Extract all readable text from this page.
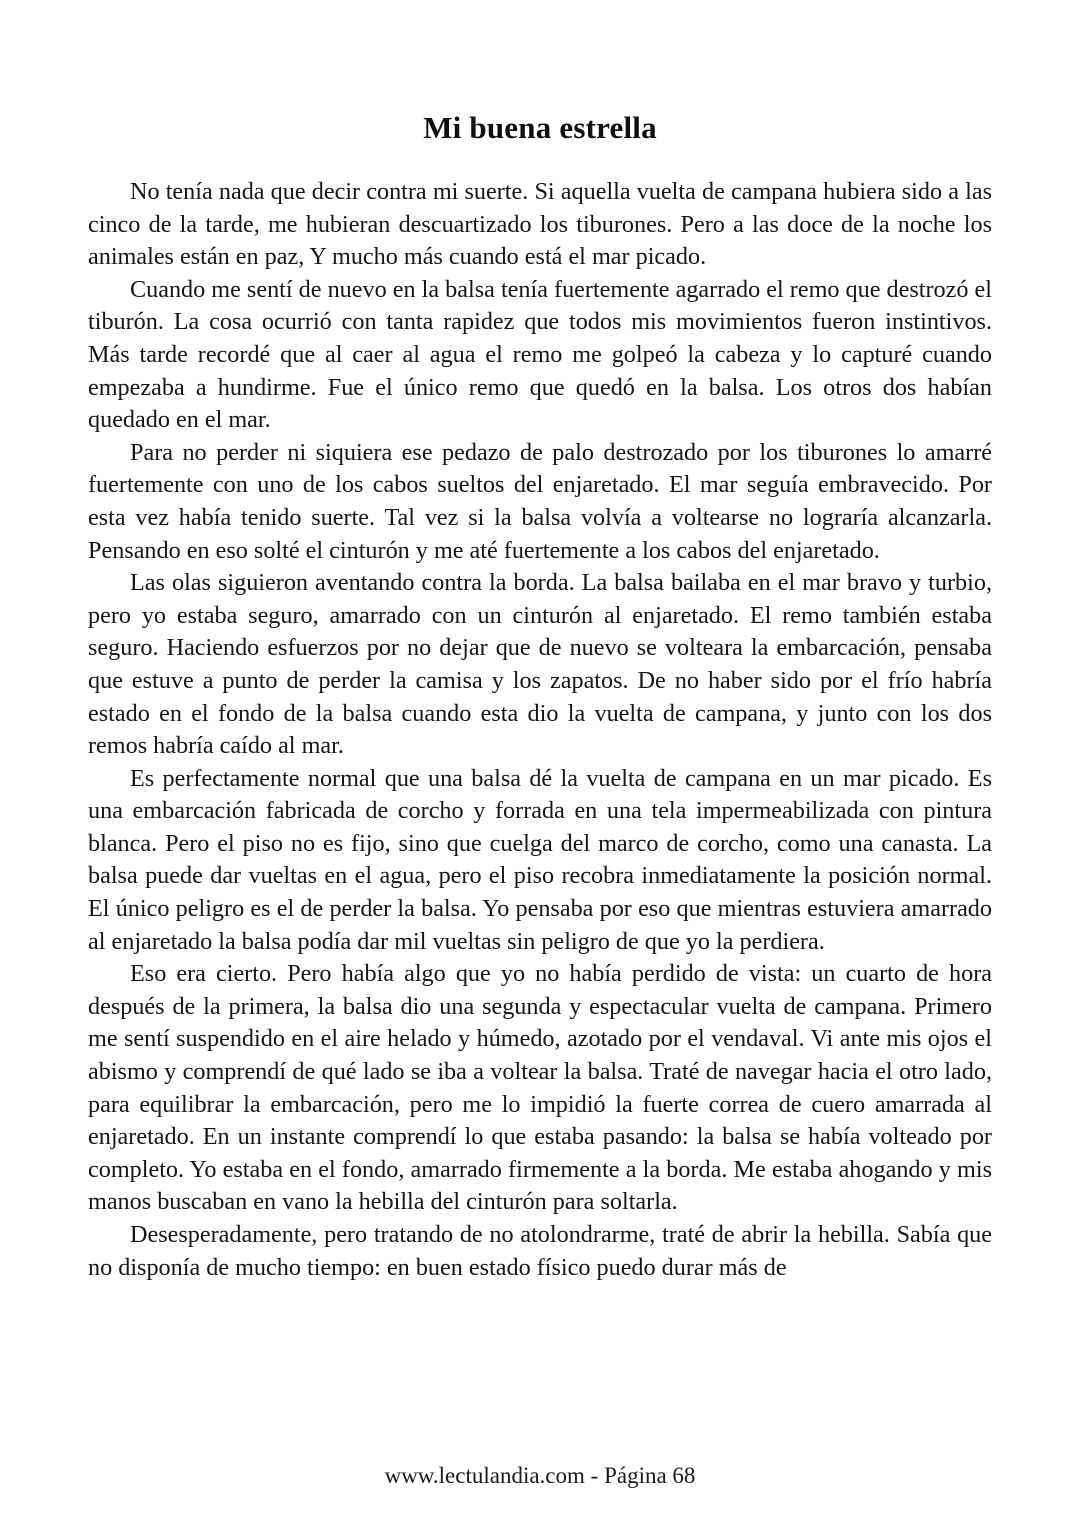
Mi buena estrella

No tenía nada que decir contra mi suerte. Si aquella vuelta de campana hubiera sido a las cinco de la tarde, me hubieran descuartizado los tiburones. Pero a las doce de la noche los animales están en paz, Y mucho más cuando está el mar picado.

Cuando me sentí de nuevo en la balsa tenía fuertemente agarrado el remo que destrozó el tiburón. La cosa ocurrió con tanta rapidez que todos mis movimientos fueron instintivos. Más tarde recordé que al caer al agua el remo me golpeó la cabeza y lo capturé cuando empezaba a hundirme. Fue el único remo que quedó en la balsa. Los otros dos habían quedado en el mar.

Para no perder ni siquiera ese pedazo de palo destrozado por los tiburones lo amarré fuertemente con uno de los cabos sueltos del enjaretado. El mar seguía embravecido. Por esta vez había tenido suerte. Tal vez si la balsa volvía a voltearse no lograría alcanzarla. Pensando en eso solté el cinturón y me até fuertemente a los cabos del enjaretado.

Las olas siguieron aventando contra la borda. La balsa bailaba en el mar bravo y turbio, pero yo estaba seguro, amarrado con un cinturón al enjaretado. El remo también estaba seguro. Haciendo esfuerzos por no dejar que de nuevo se volteara la embarcación, pensaba que estuve a punto de perder la camisa y los zapatos. De no haber sido por el frío habría estado en el fondo de la balsa cuando esta dio la vuelta de campana, y junto con los dos remos habría caído al mar.

Es perfectamente normal que una balsa dé la vuelta de campana en un mar picado. Es una embarcación fabricada de corcho y forrada en una tela impermeabilizada con pintura blanca. Pero el piso no es fijo, sino que cuelga del marco de corcho, como una canasta. La balsa puede dar vueltas en el agua, pero el piso recobra inmediatamente la posición normal. El único peligro es el de perder la balsa. Yo pensaba por eso que mientras estuviera amarrado al enjaretado la balsa podía dar mil vueltas sin peligro de que yo la perdiera.

Eso era cierto. Pero había algo que yo no había perdido de vista: un cuarto de hora después de la primera, la balsa dio una segunda y espectacular vuelta de campana. Primero me sentí suspendido en el aire helado y húmedo, azotado por el vendaval. Vi ante mis ojos el abismo y comprendí de qué lado se iba a voltear la balsa. Traté de navegar hacia el otro lado, para equilibrar la embarcación, pero me lo impidió la fuerte correa de cuero amarrada al enjaretado. En un instante comprendí lo que estaba pasando: la balsa se había volteado por completo. Yo estaba en el fondo, amarrado firmemente a la borda. Me estaba ahogando y mis manos buscaban en vano la hebilla del cinturón para soltarla.

Desesperadamente, pero tratando de no atolondrarme, traté de abrir la hebilla. Sabía que no disponía de mucho tiempo: en buen estado físico puedo durar más de

www.lectulandia.com - Página 68
